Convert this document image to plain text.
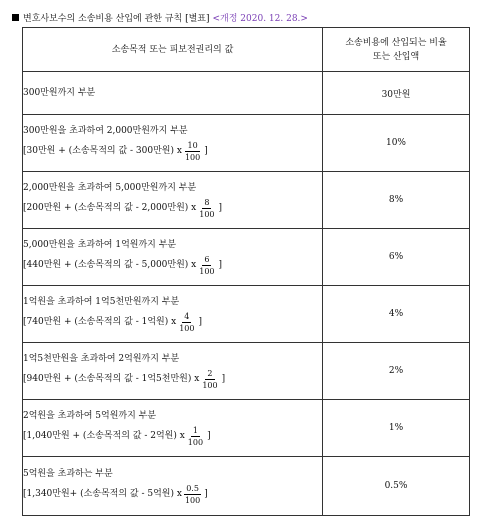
변호사보수의 소송비용 산입에 관한 규칙 [별표] <개정 2020. 12. 28.>
소송목적 또는 피보전권리의 값	소송비용에 산입되는 비율
또는 산입액

300만원까지 부분	30만원

300만원을 초과하여 2,000만원까지 부분
[30만원 + (소송목적의 값 - 300만원) x $\frac{10}{100}$ ]	10%

2,000만원을 초과하여 5,000만원까지 부분
[200만원 + (소송목적의 값 - 2,000만원) x $\frac{8}{100}$ ]	8%

5,000만원을 초과하여 1억원까지 부분
[440만원 + (소송목적의 값 - 5,000만원) x $\frac{6}{100}$ ]	6%

1억원을 초과하여 1억5천만원까지 부분
[740만원 + (소송목적의 값 - 1억원) x $\frac{4}{100}$ ]	4%

1억5천만원을 초과하여 2억원까지 부분
[940만원 + (소송목적의 값 - 1억5천만원) x $\frac{2}{100}$ ]	2%

2억원을 초과하여 5억원까지 부분
[1,040만원 + (소송목적의 값 - 2억원) x $\frac{1}{100}$ ]	1%

5억원을 초과하는 부분
[1,340만원+ (소송목적의 값 - 5억원) x $\frac{0.5}{100}$ ]	0.5%
